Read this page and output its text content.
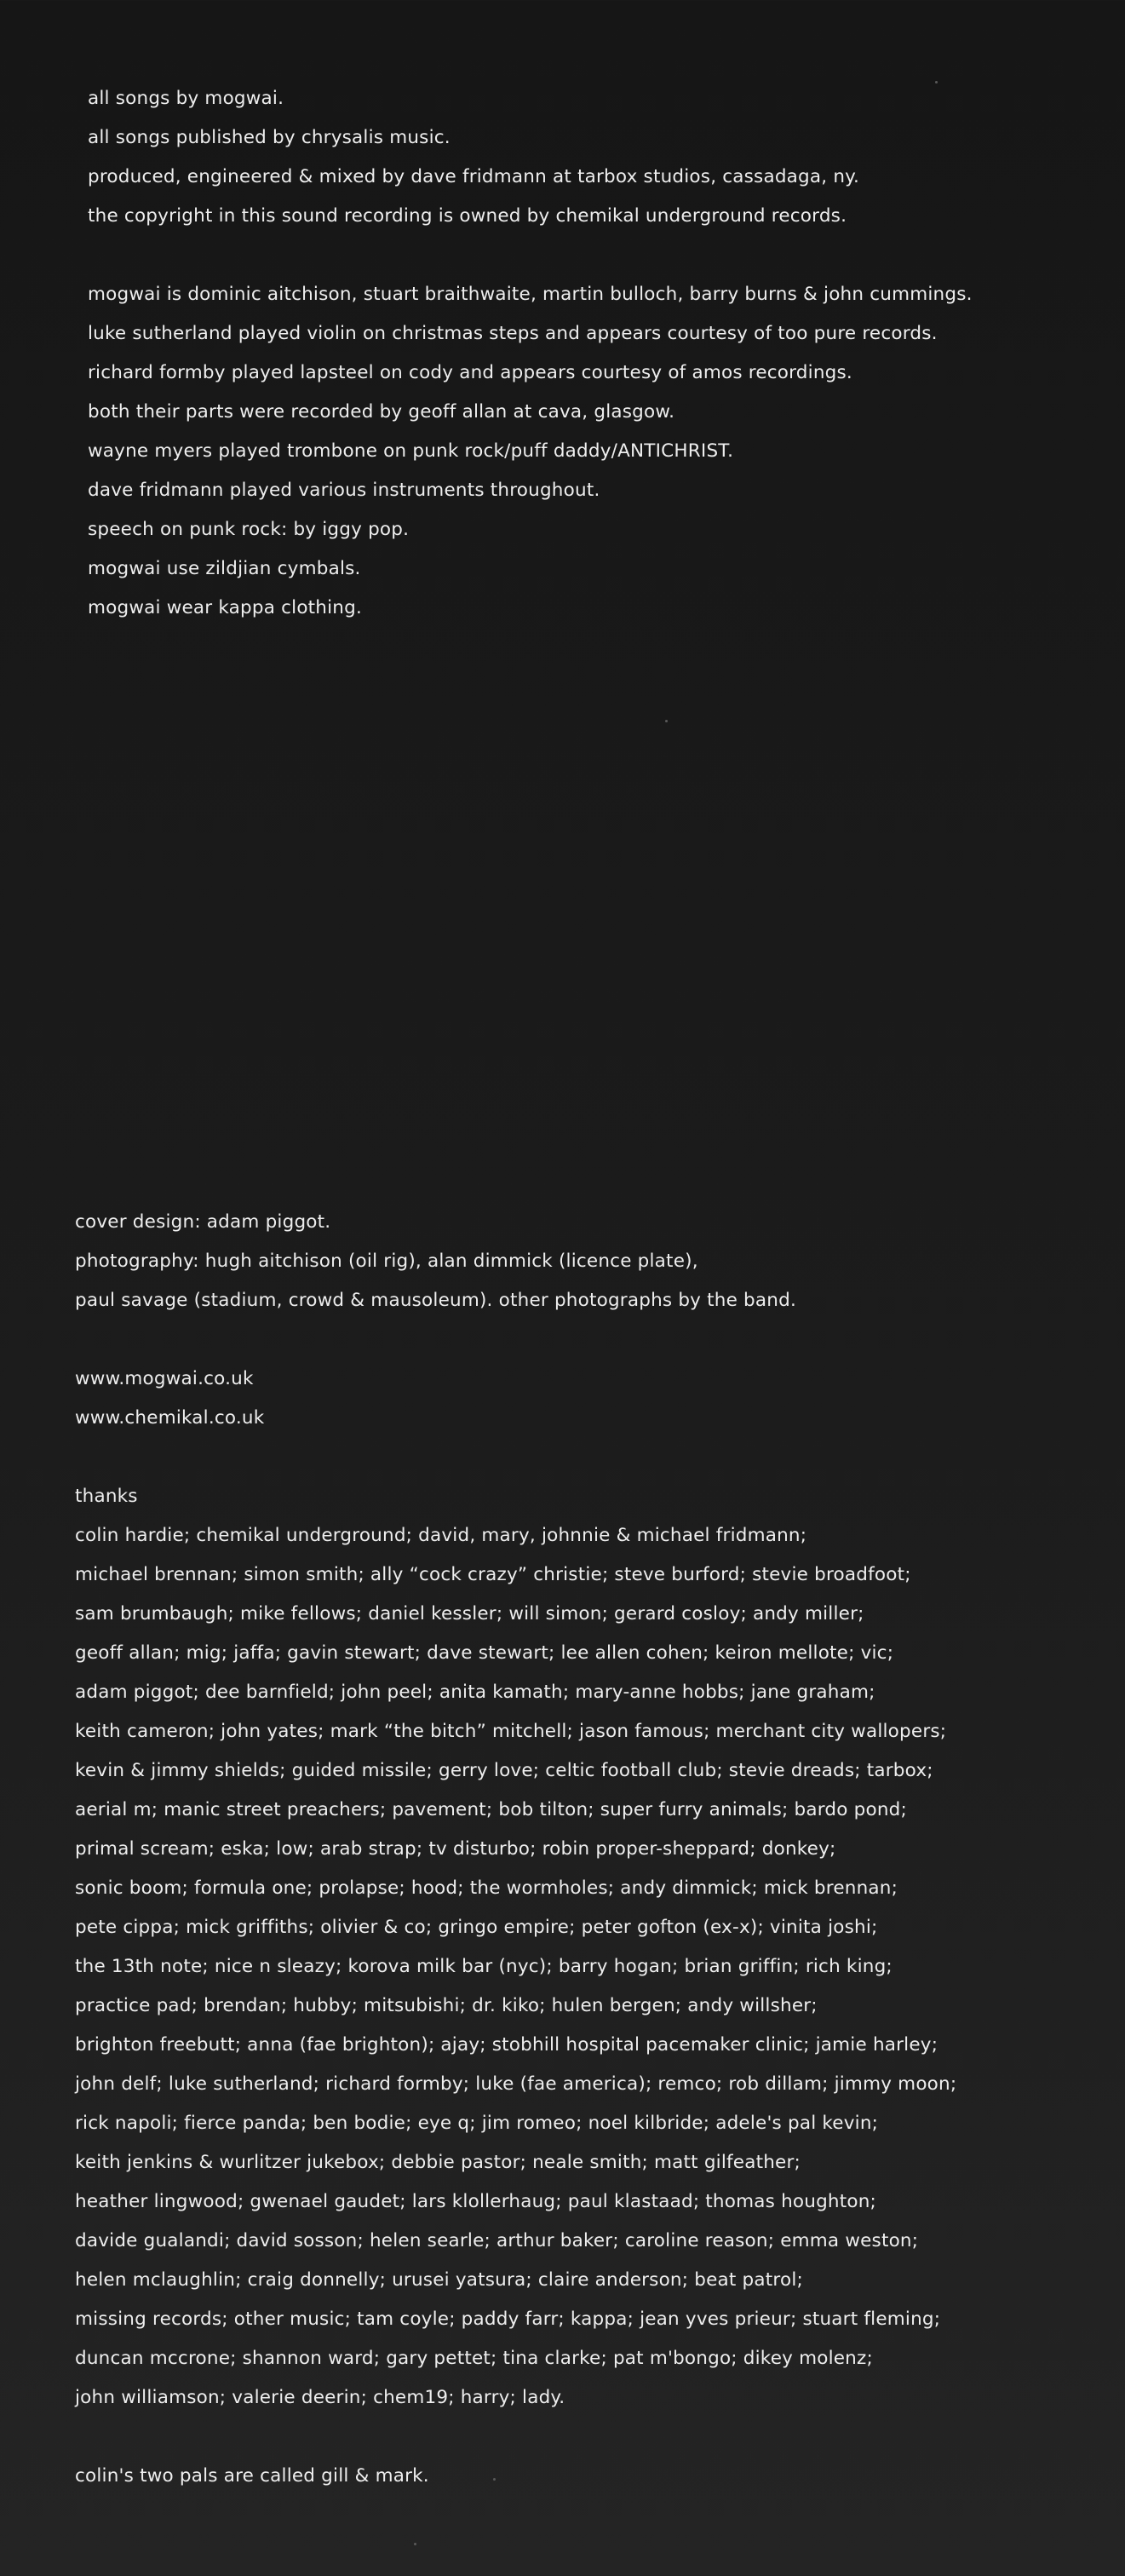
all songs by mogwai.
all songs published by chrysalis music.
produced, engineered & mixed by dave fridmann at tarbox studios, cassadaga, ny.
the copyright in this sound recording is owned by chemikal underground records.
mogwai is dominic aitchison, stuart braithwaite, martin bulloch, barry burns & john cummings.
luke sutherland played violin on christmas steps and appears courtesy of too pure records.
richard formby played lapsteel on cody and appears courtesy of amos recordings.
both their parts were recorded by geoff allan at cava, glasgow.
wayne myers played trombone on punk rock/puff daddy/ANTICHRIST.
dave fridmann played various instruments throughout.
speech on punk rock: by iggy pop.
mogwai use zildjian cymbals.
mogwai wear kappa clothing.
cover design: adam piggot.
photography: hugh aitchison (oil rig), alan dimmick (licence plate),
paul savage (stadium, crowd & mausoleum). other photographs by the band.
www.mogwai.co.uk
www.chemikal.co.uk
thanks
colin hardie; chemikal underground; david, mary, johnnie & michael fridmann;
michael brennan; simon smith; ally “cock crazy” christie; steve burford; stevie broadfoot;
sam brumbaugh; mike fellows; daniel kessler; will simon; gerard cosloy; andy miller;
geoff allan; mig; jaffa; gavin stewart; dave stewart; lee allen cohen; keiron mellote; vic;
adam piggot; dee barnfield; john peel; anita kamath; mary-anne hobbs; jane graham;
keith cameron; john yates; mark “the bitch” mitchell; jason famous; merchant city wallopers;
kevin & jimmy shields; guided missile; gerry love; celtic football club; stevie dreads; tarbox;
aerial m; manic street preachers; pavement; bob tilton; super furry animals; bardo pond;
primal scream; eska; low; arab strap; tv disturbo; robin proper-sheppard; donkey;
sonic boom; formula one; prolapse; hood; the wormholes; andy dimmick; mick brennan;
pete cippa; mick griffiths; olivier & co; gringo empire; peter gofton (ex-x); vinita joshi;
the 13th note; nice n sleazy; korova milk bar (nyc); barry hogan; brian griffin; rich king;
practice pad; brendan; hubby; mitsubishi; dr. kiko; hulen bergen; andy willsher;
brighton freebutt; anna (fae brighton); ajay; stobhill hospital pacemaker clinic; jamie harley;
john delf; luke sutherland; richard formby; luke (fae america); remco; rob dillam; jimmy moon;
rick napoli; fierce panda; ben bodie; eye q; jim romeo; noel kilbride; adele's pal kevin;
keith jenkins & wurlitzer jukebox; debbie pastor; neale smith; matt gilfeather;
heather lingwood; gwenael gaudet; lars klollerhaug; paul klastaad; thomas houghton;
davide gualandi; david sosson; helen searle; arthur baker; caroline reason; emma weston;
helen mclaughlin; craig donnelly; urusei yatsura; claire anderson; beat patrol;
missing records; other music; tam coyle; paddy farr; kappa; jean yves prieur; stuart fleming;
duncan mccrone; shannon ward; gary pettet; tina clarke; pat m'bongo; dikey molenz;
john williamson; valerie deerin; chem19; harry; lady.
colin's two pals are called gill & mark.
